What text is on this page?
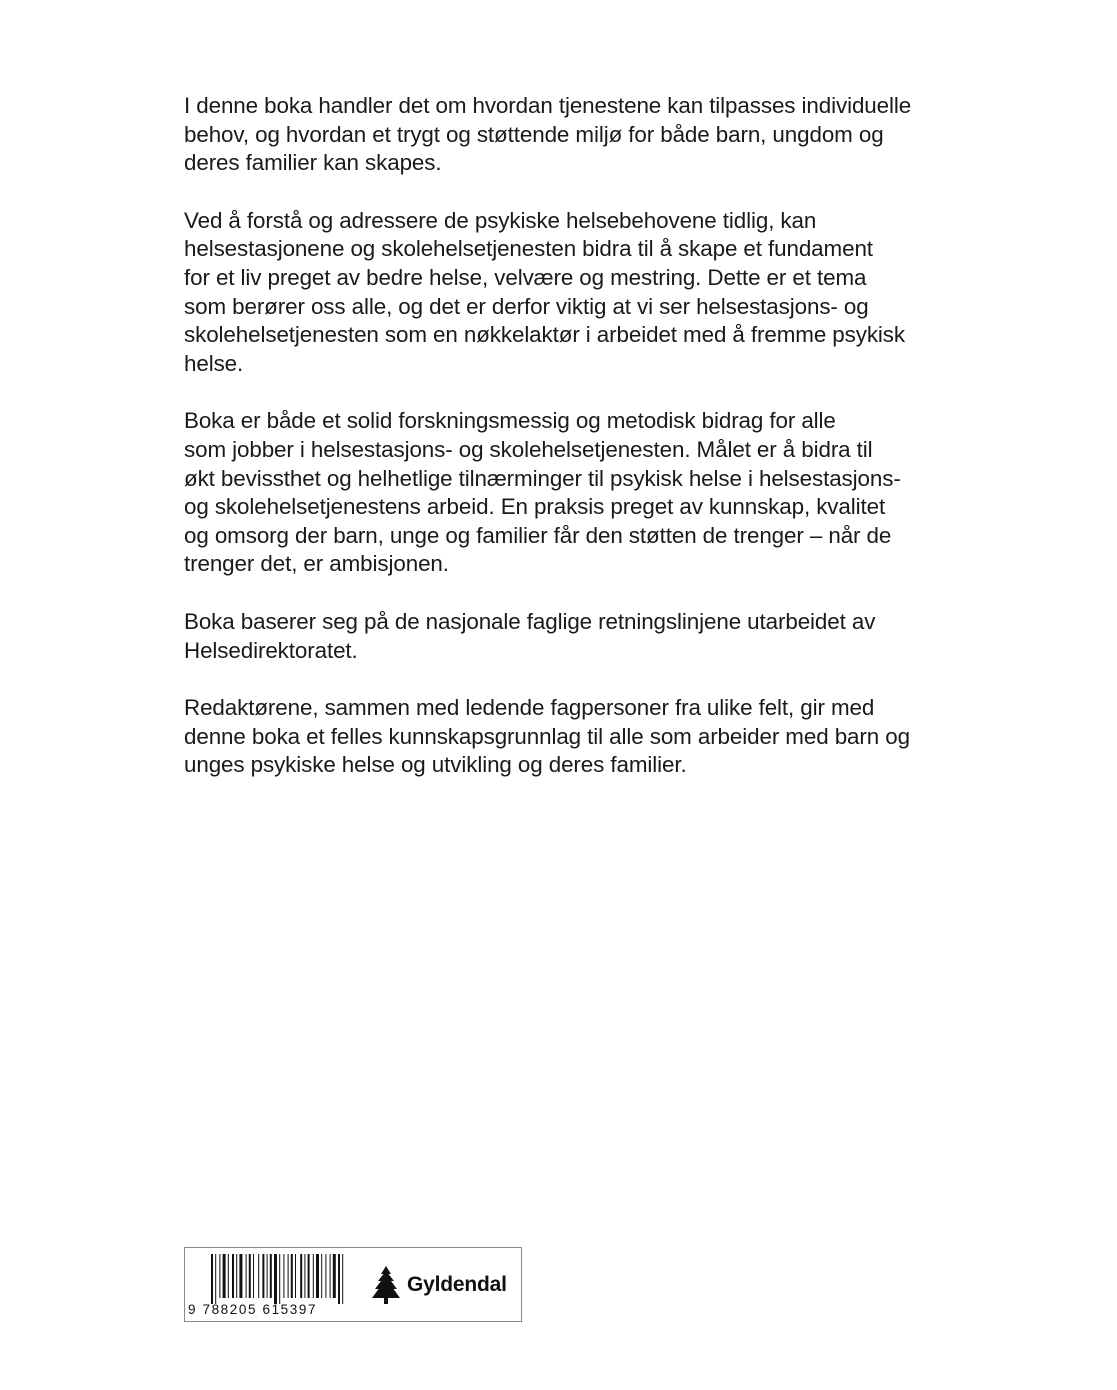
I denne boka handler det om hvordan tjenestene kan tilpasses individuelle
behov, og hvordan et trygt og støttende miljø for både barn, ungdom og
deres familier kan skapes.

Ved å forstå og adressere de psykiske helsebehovene tidlig, kan
helsestasjonene og skolehelsetjenesten bidra til å skape et fundament
for et liv preget av bedre helse, velvære og mestring. Dette er et tema
som berører oss alle, og det er derfor viktig at vi ser helsestasjons- og
skolehelsetjenesten som en nøkkelaktør i arbeidet med å fremme psykisk
helse.

Boka er både et solid forskningsmessig og metodisk bidrag for alle
som jobber i helsestasjons- og skolehelsetjenesten. Målet er å bidra til
økt bevissthet og helhetlige tilnærminger til psykisk helse i helsestasjons-
og skolehelsetjenestens arbeid. En praksis preget av kunnskap, kvalitet
og omsorg der barn, unge og familier får den støtten de trenger – når de
trenger det, er ambisjonen.

Boka baserer seg på de nasjonale faglige retningslinjene utarbeidet av
Helsedirektoratet.

Redaktørene, sammen med ledende fagpersoner fra ulike felt, gir med
denne boka et felles kunnskapsgrunnlag til alle som arbeider med barn og
unges psykiske helse og utvikling og deres familier.

9 788205 615397
Gyldendal
